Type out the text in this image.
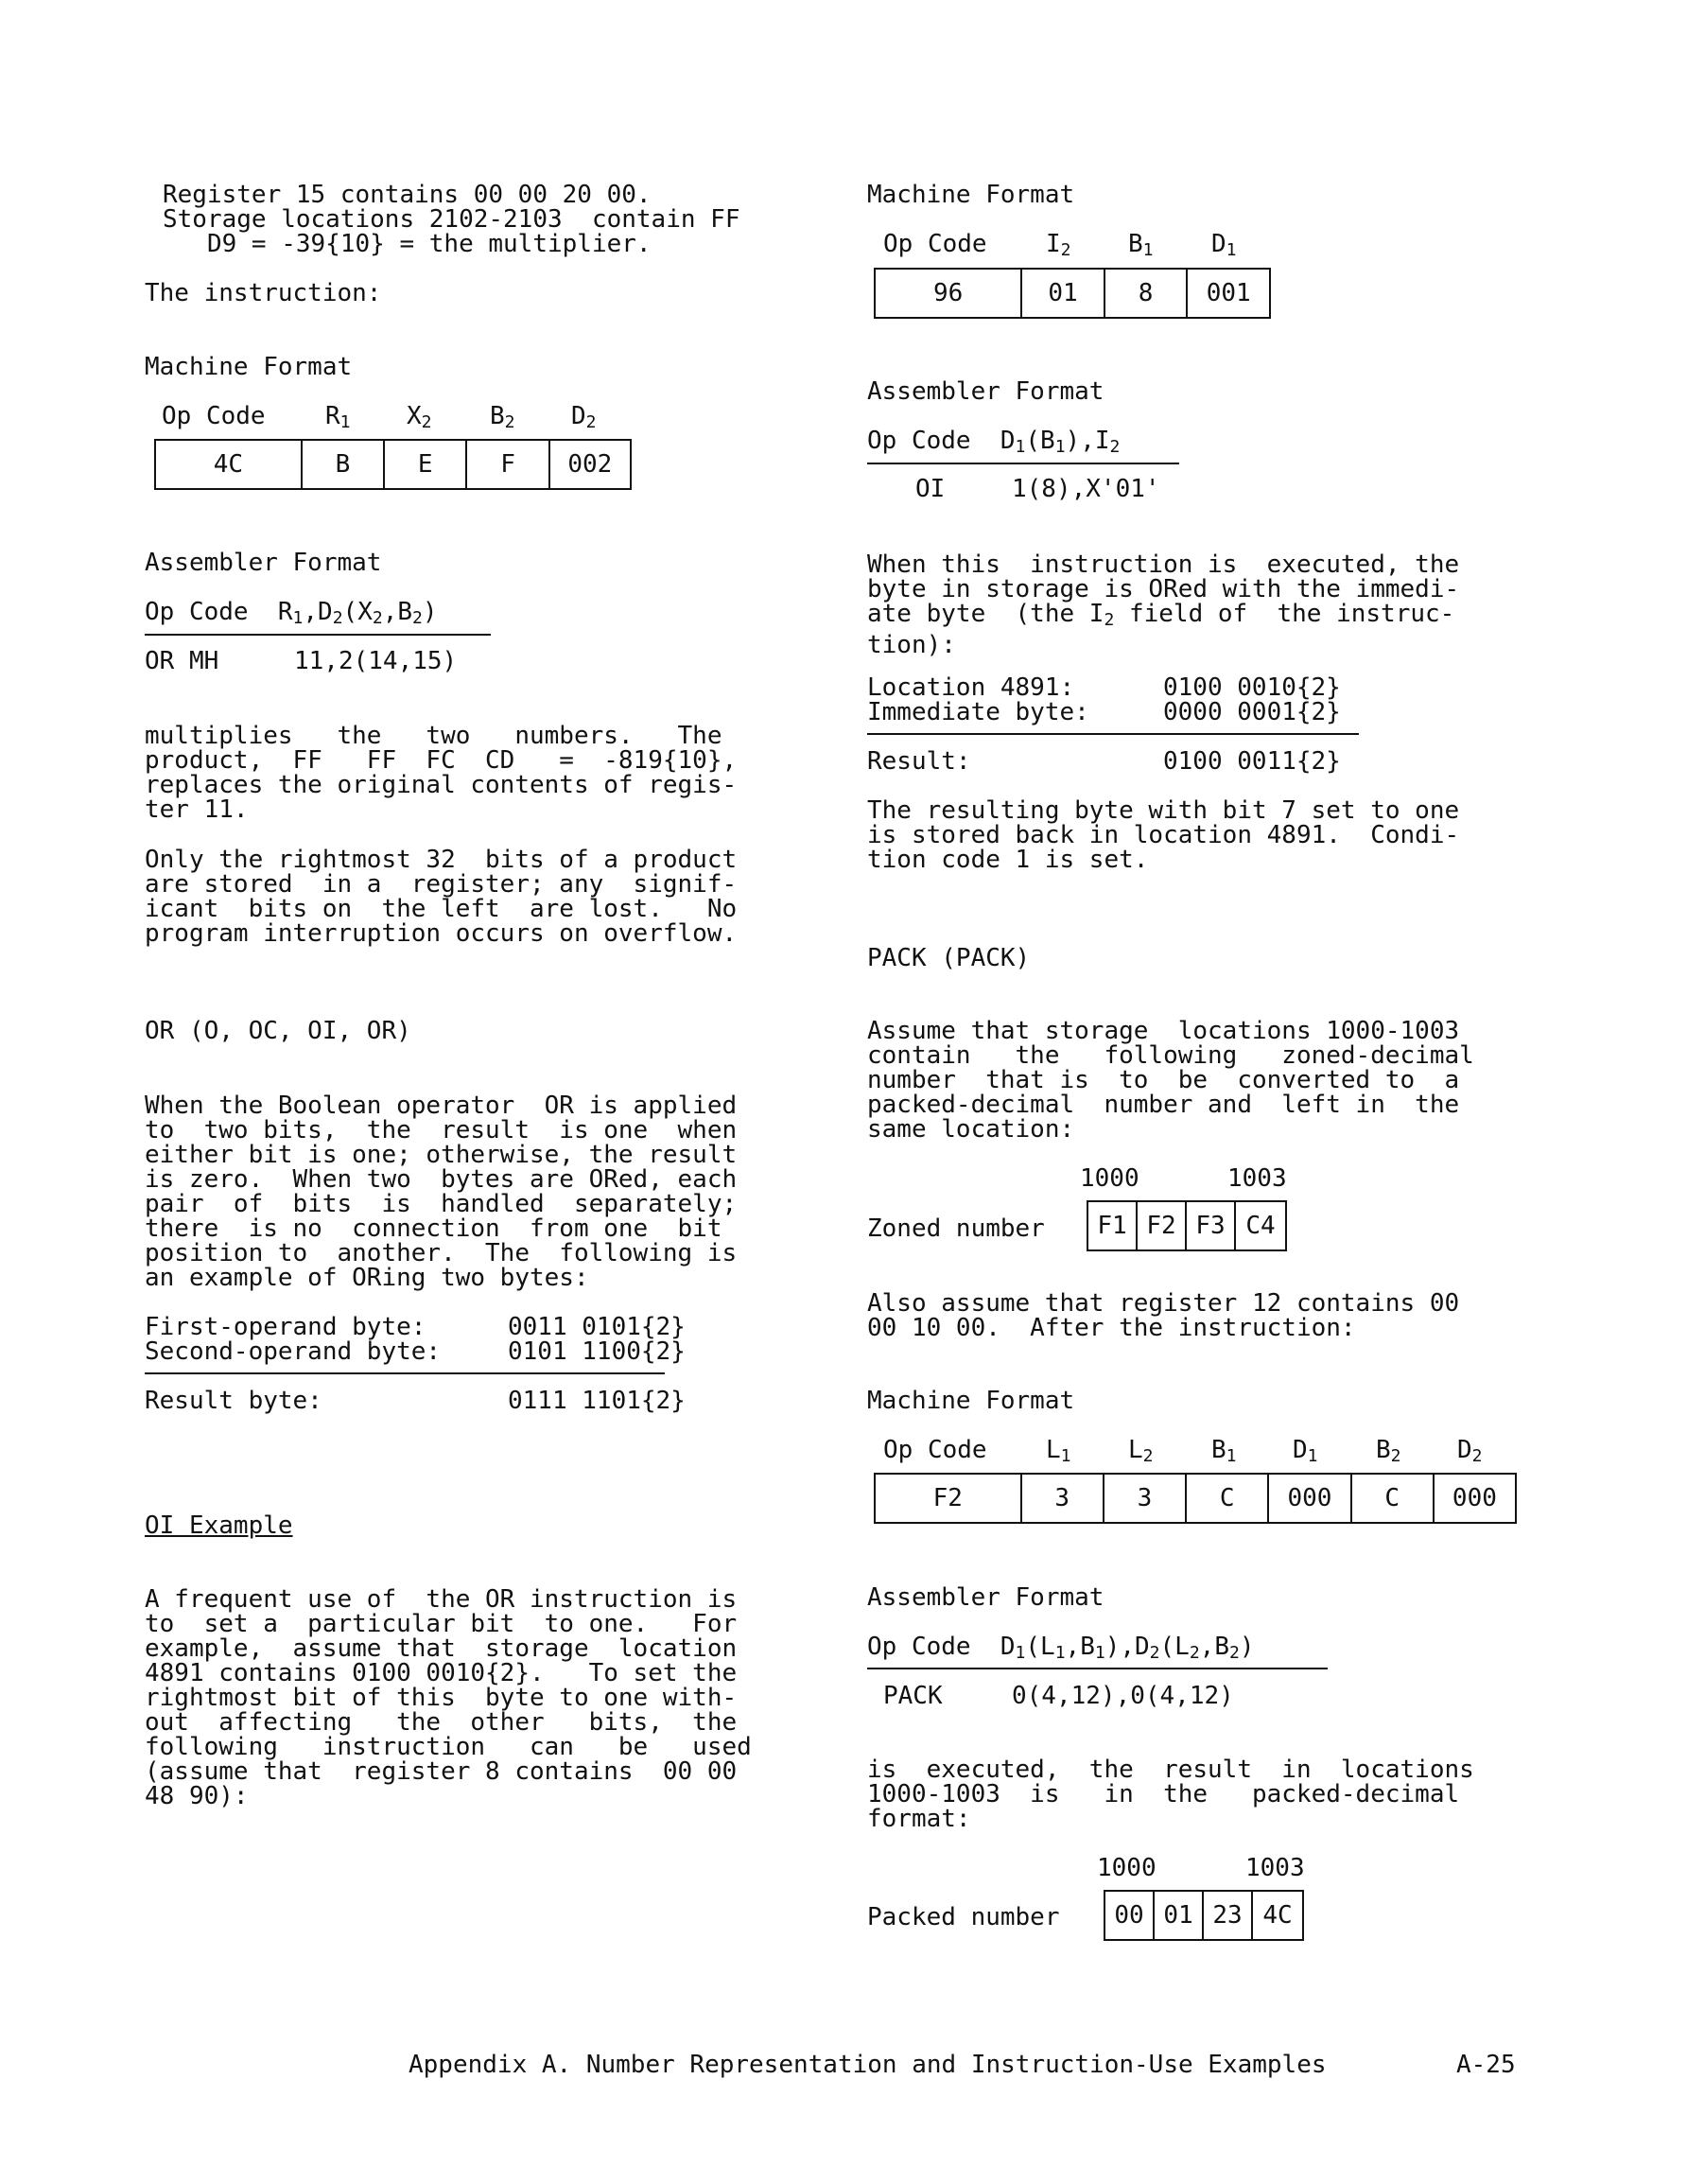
Register 15 contains 00 00 20 00.

Storage locations 2102-2103  contain FF

D9 = -39{10} = the multiplier.

The instruction:

Machine Format

Op Code $R_1$ $X_2$ $B_2$ $D_2$

4C	B	E	F	002

Assembler Format

Op Code $R_1,D_2(X_2,B_2)$

OR MH	11,2(14,15)

multiplies   the   two   numbers.   The

product,  FF   FF  FC  CD   =  -819{10},

replaces the original contents of regis-

ter 11.

Only the rightmost 32  bits of a product

are stored  in a  register; any  signif-

icant  bits on  the left  are lost.   No

program interruption occurs on overflow.

OR (O, OC, OI, OR)

When the Boolean operator  OR is applied

to  two bits,  the  result  is one  when

either bit is one; otherwise, the result

is zero.  When two  bytes are ORed, each

pair  of  bits  is  handled  separately;

there  is no  connection  from one  bit

position to  another.  The  following is

an example of ORing two bytes:

First-operand byte:	0011 0101{2}

Second-operand byte:	0101 1100{2}

Result byte:	0111 1101{2}

OI Example

A frequent use of  the OR instruction is

to  set a  particular bit  to one.   For

example,  assume that  storage  location

4891 contains 0100 0010{2}.   To set the

rightmost bit of this  byte to one with-

out  affecting   the  other   bits,  the

following   instruction   can   be   used

(assume that  register 8 contains  00 00

48 90):

Machine Format

Op Code $I_2$ $B_1$ $D_1$

96	01	8	001

Assembler Format

Op Code $D_1(B_1),I_2$

OI	1(8),X'01'

When this  instruction is  executed, the

byte in storage is ORed with the immedi-

ate byte  (the $I_2$ field of  the instruc-

tion):

Location 4891:	0100 0010{2}

Immediate byte:	0000 0001{2}

Result:	0100 0011{2}

The resulting byte with bit 7 set to one

is stored back in location 4891.  Condi-

tion code 1 is set.

PACK (PACK)

Assume that storage  locations 1000-1003

contain   the   following   zoned-decimal

number  that is  to  be  converted to  a

packed-decimal  number and  left in  the

same location:

1000	1003

Zoned number	F1 F2 F3 C4

Also assume that register 12 contains 00

00 10 00.  After the instruction:

Machine Format

Op Code $L_1$ $L_2$ $B_1$ $D_1$ $B_2$ $D_2$

F2	3	3	C	000	C	000

Assembler Format

Op Code $D_1(L_1,B_1),D_2(L_2,B_2)$

PACK	0(4,12),0(4,12)

is  executed,  the  result  in  locations

1000-1003  is   in  the   packed-decimal

format:

1000	1003

Packed number	00 01 23 4C

Appendix A. Number Representation and Instruction-Use Examples	A-25
